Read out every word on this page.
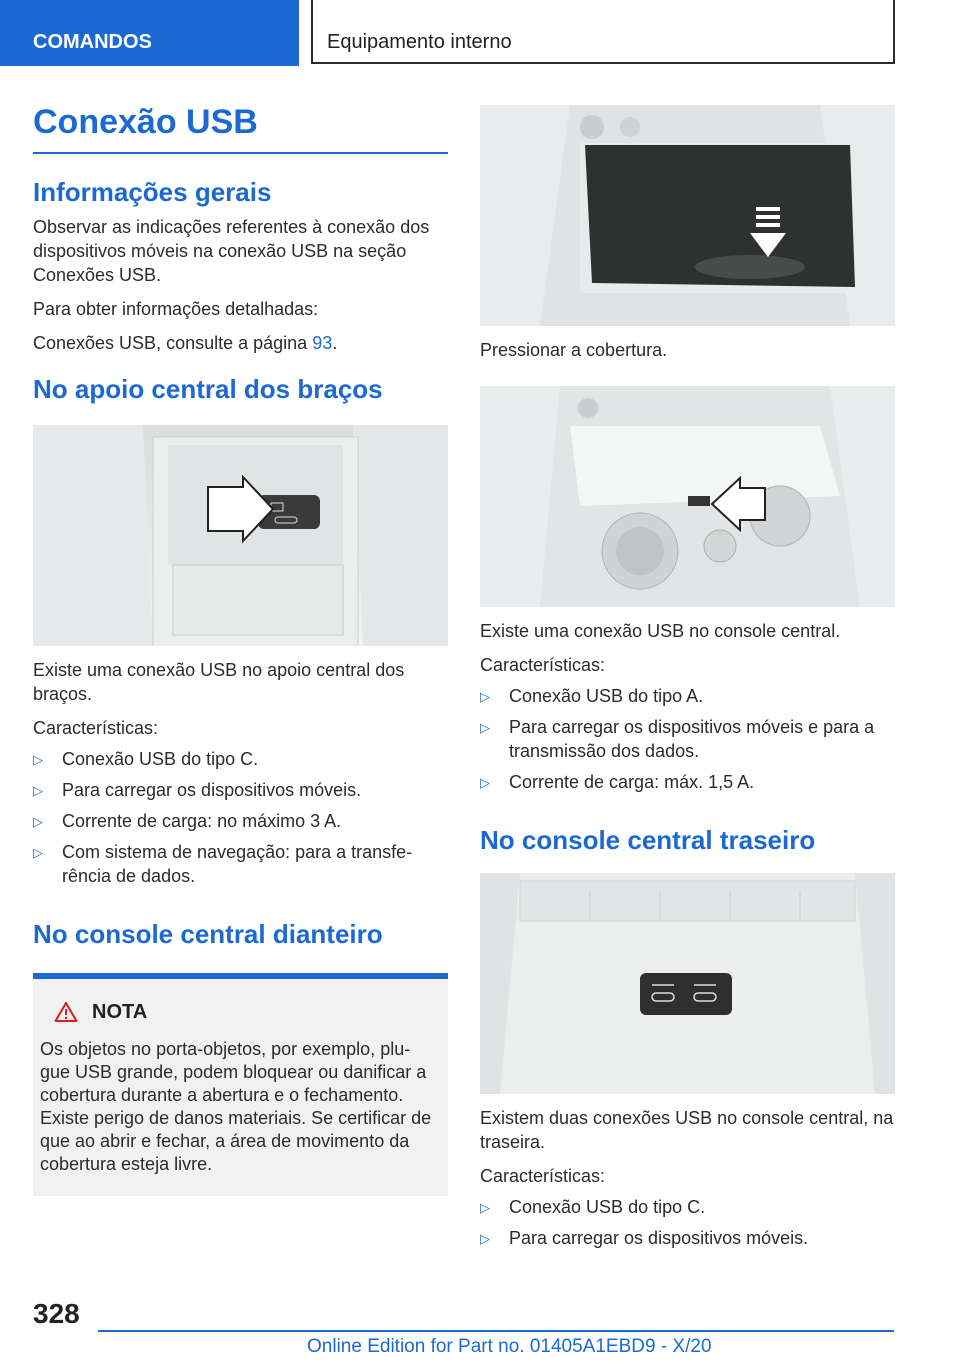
COMANDOS	Equipamento interno
Conexão USB
Informações gerais

Observar as indicações referentes à conexão dos dispositivos móveis na conexão USB na seção Conexões USB.

Para obter informações detalhadas:

Conexões USB, consulte a página 93.

No apoio central dos braços

Existe uma conexão USB no apoio central dos braços.

Características:

▷ Conexão USB do tipo C.
▷ Para carregar os dispositivos móveis.
▷ Corrente de carga: no máximo 3 A.
▷ Com sistema de navegação: para a transfe‐rência de dados.
No console central dianteiro
NOTA

Os objetos no porta-objetos, por exemplo, plu‐gue USB grande, podem bloquear ou danificar a cobertura durante a abertura e o fechamento. Existe perigo de danos materiais. Se certificar de que ao abrir e fechar, a área de movimento da cobertura esteja livre.

Pressionar a cobertura.

Existe uma conexão USB no console central.

Características:

▷ Conexão USB do tipo A.
▷ Para carregar os dispositivos móveis e para a transmissão dos dados.
▷ Corrente de carga: máx. 1,5 A.
No console central traseiro

Existem duas conexões USB no console central, na traseira.

Características:

▷ Conexão USB do tipo C.
▷ Para carregar os dispositivos móveis.
328
Online Edition for Part no. 01405A1EBD9 - X/20
